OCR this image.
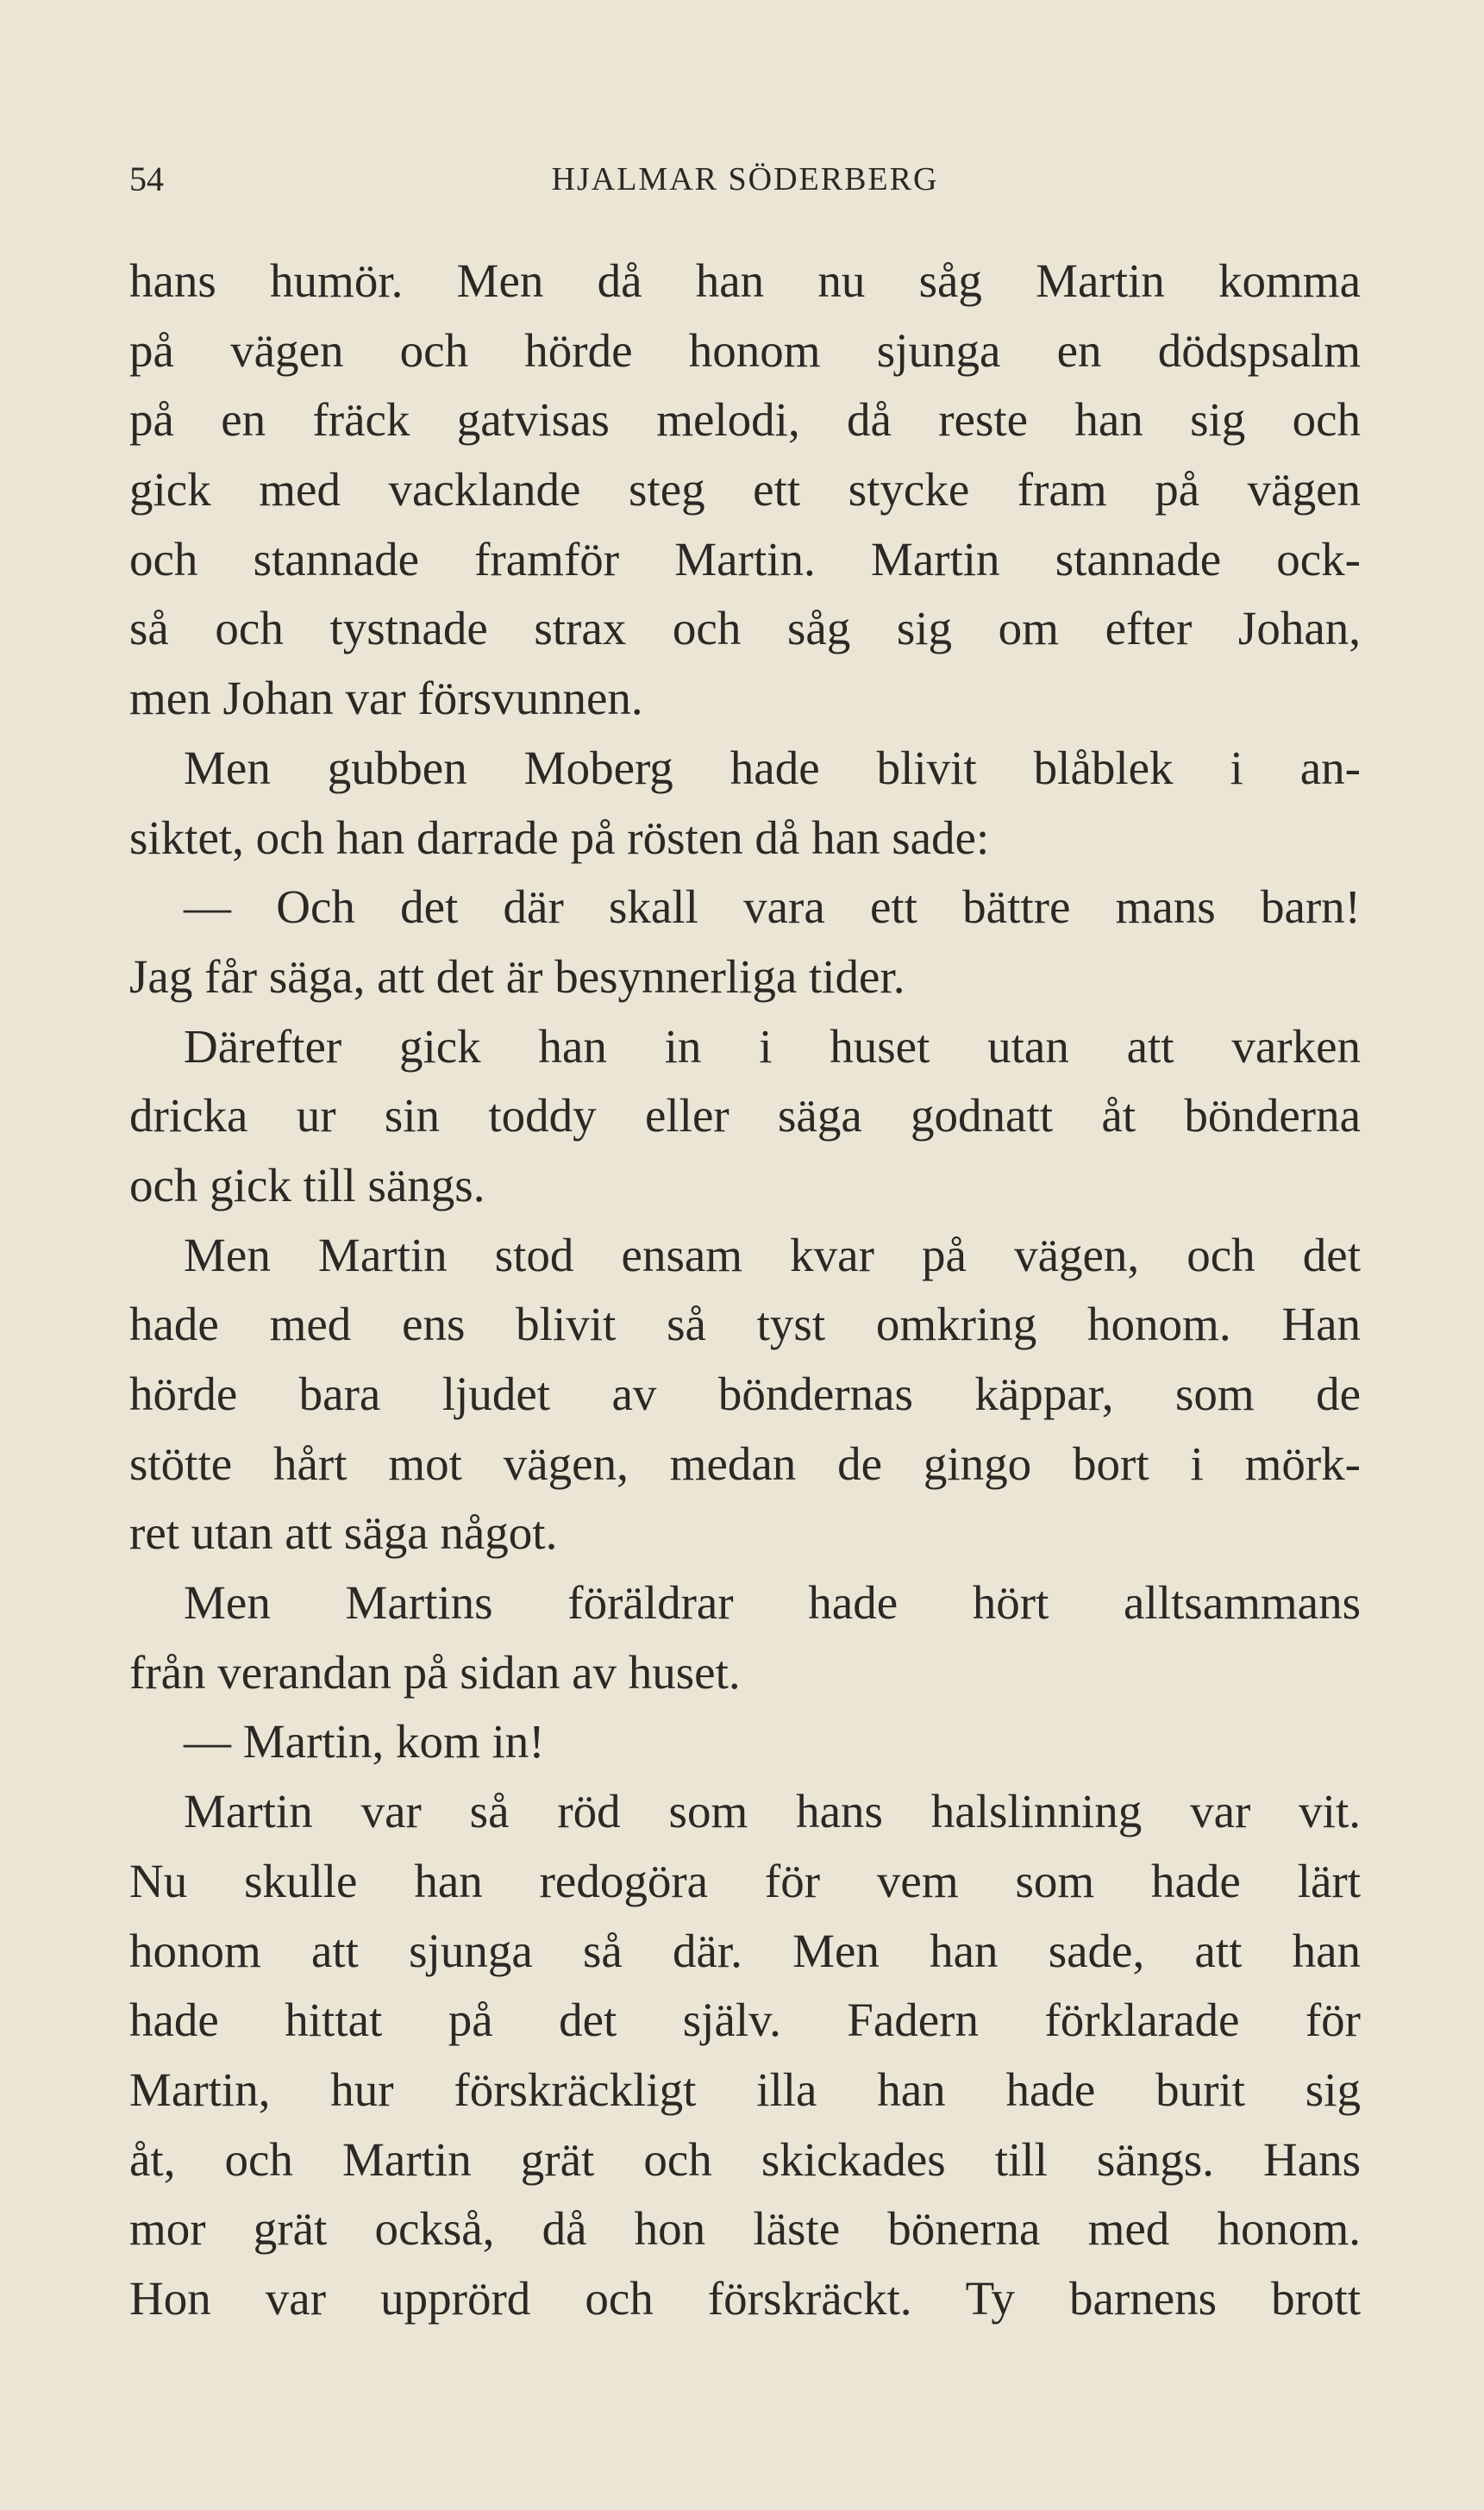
54	HJALMAR SÖDERBERG
hans humör. Men då han nu såg Martin komma
på vägen och hörde honom sjunga en dödspsalm
på en fräck gatvisas melodi, då reste han sig och
gick med vacklande steg ett stycke fram på vägen
och stannade framför Martin. Martin stannade ock-
så och tystnade strax och såg sig om efter Johan,
men Johan var försvunnen.
Men gubben Moberg hade blivit blåblek i an-
siktet, och han darrade på rösten då han sade:
— Och det där skall vara ett bättre mans barn!
Jag får säga, att det är besynnerliga tider.
Därefter gick han in i huset utan att varken
dricka ur sin toddy eller säga godnatt åt bönderna
och gick till sängs.
Men Martin stod ensam kvar på vägen, och det
hade med ens blivit så tyst omkring honom. Han
hörde bara ljudet av böndernas käppar, som de
stötte hårt mot vägen, medan de gingo bort i mörk-
ret utan att säga något.
Men Martins föräldrar hade hört alltsammans
från verandan på sidan av huset.
— Martin, kom in!
Martin var så röd som hans halslinning var vit.
Nu skulle han redogöra för vem som hade lärt
honom att sjunga så där. Men han sade, att han
hade hittat på det själv. Fadern förklarade för
Martin, hur förskräckligt illa han hade burit sig
åt, och Martin grät och skickades till sängs. Hans
mor grät också, då hon läste bönerna med honom.
Hon var upprörd och förskräckt. Ty barnens brott
